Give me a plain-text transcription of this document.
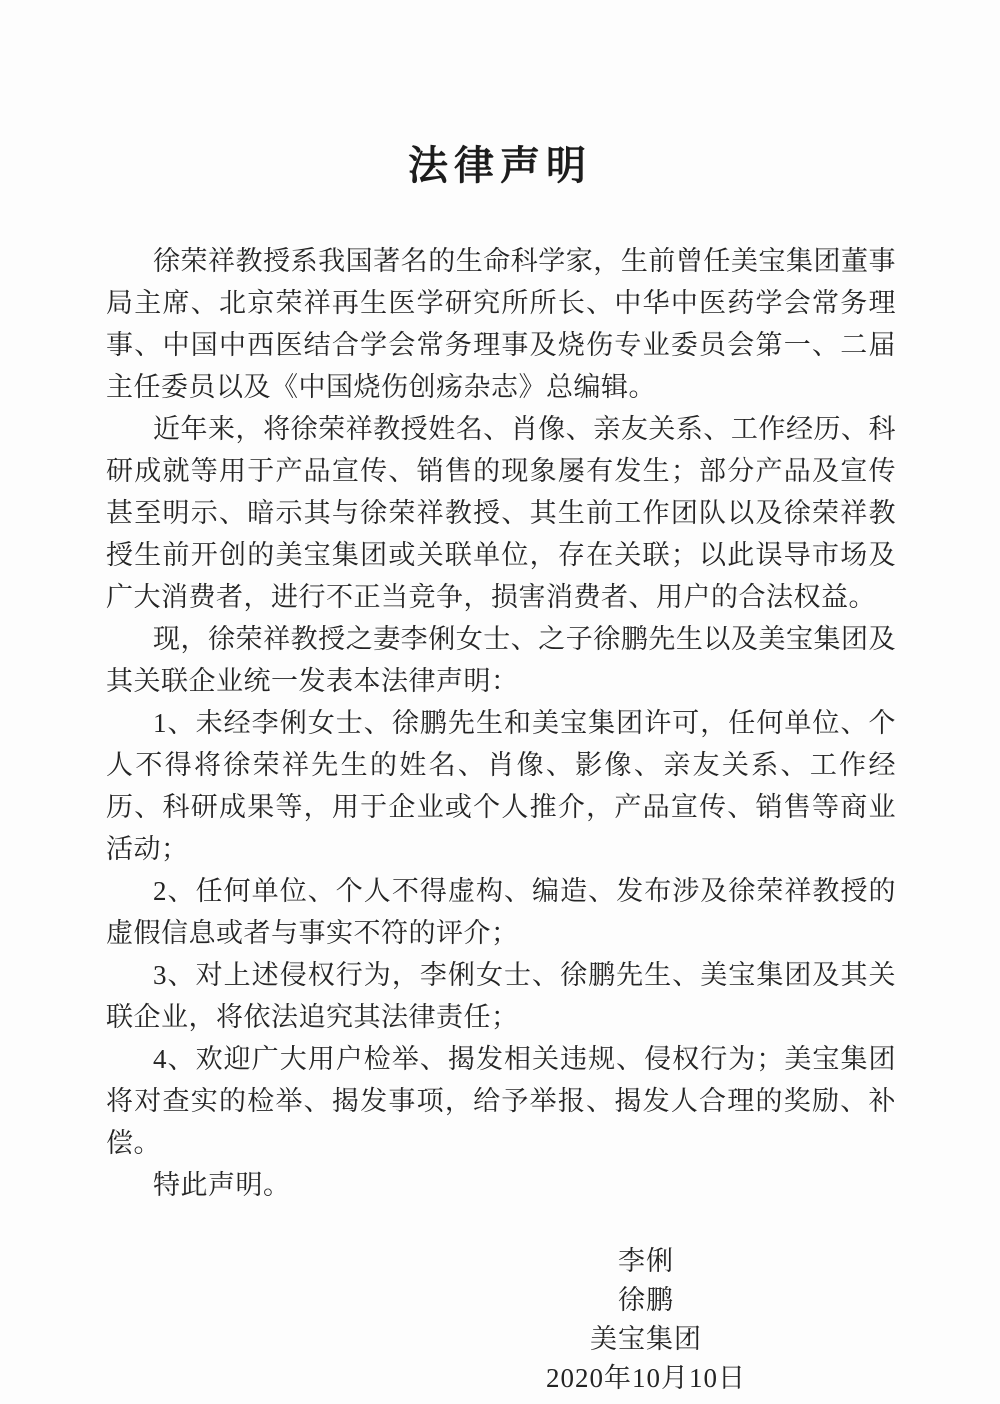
法律声明

徐荣祥教授系我国著名的生命科学家，生前曾任美宝集团董事局主席、北京荣祥再生医学研究所所长、中华中医药学会常务理事、中国中西医结合学会常务理事及烧伤专业委员会第一、二届主任委员以及《中国烧伤创疡杂志》总编辑。

近年来，将徐荣祥教授姓名、肖像、亲友关系、工作经历、科研成就等用于产品宣传、销售的现象屡有发生；部分产品及宣传甚至明示、暗示其与徐荣祥教授、其生前工作团队以及徐荣祥教授生前开创的美宝集团或关联单位，存在关联；以此误导市场及广大消费者，进行不正当竞争，损害消费者、用户的合法权益。

现，徐荣祥教授之妻李俐女士、之子徐鹏先生以及美宝集团及其关联企业统一发表本法律声明：

1、未经李俐女士、徐鹏先生和美宝集团许可，任何单位、个人不得将徐荣祥先生的姓名、肖像、影像、亲友关系、工作经历、科研成果等，用于企业或个人推介，产品宣传、销售等商业活动；

2、任何单位、个人不得虚构、编造、发布涉及徐荣祥教授的虚假信息或者与事实不符的评介；

3、对上述侵权行为，李俐女士、徐鹏先生、美宝集团及其关联企业，将依法追究其法律责任；

4、欢迎广大用户检举、揭发相关违规、侵权行为；美宝集团将对查实的检举、揭发事项，给予举报、揭发人合理的奖励、补偿。

特此声明。

李俐
徐鹏
美宝集团
2020年10月10日
